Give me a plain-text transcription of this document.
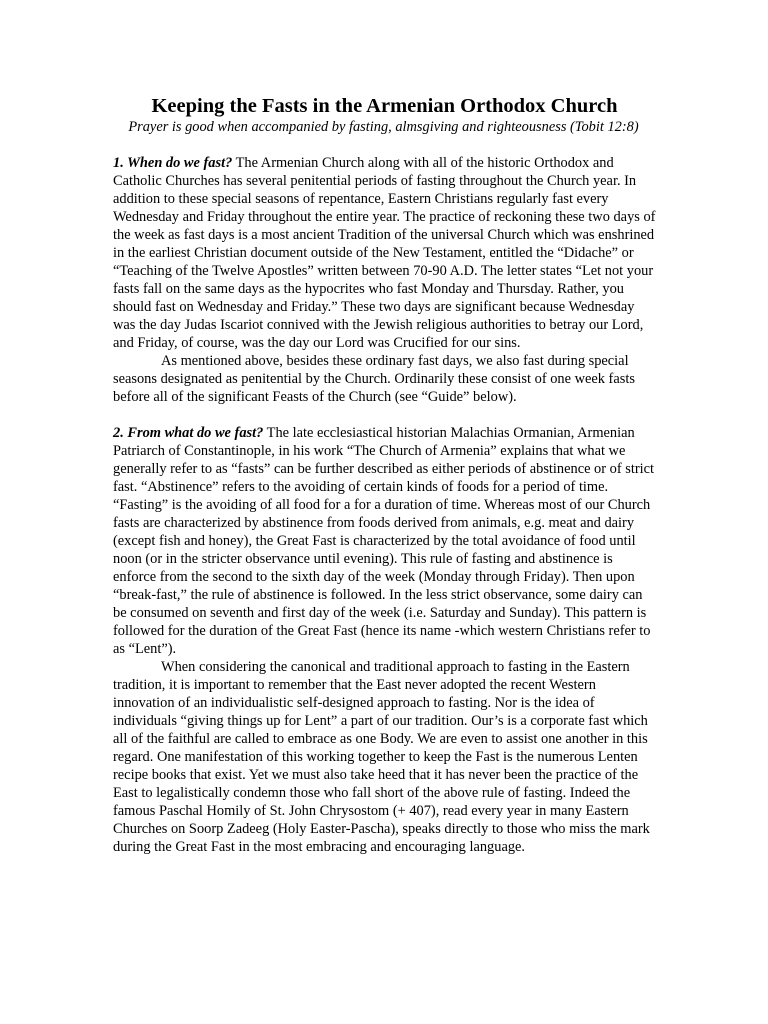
Keeping the Fasts in the Armenian Orthodox Church

Prayer is good when accompanied by fasting, almsgiving and righteousness (Tobit 12:8)

1. When do we fast? The Armenian Church along with all of the historic Orthodox and Catholic Churches has several penitential periods of fasting throughout the Church year. In addition to these special seasons of repentance, Eastern Christians regularly fast every Wednesday and Friday throughout the entire year. The practice of reckoning these two days of the week as fast days is a most ancient Tradition of the universal Church which was enshrined in the earliest Christian document outside of the New Testament, entitled the “Didache” or “Teaching of the Twelve Apostles” written between 70-90 A.D. The letter states “Let not your fasts fall on the same days as the hypocrites who fast Monday and Thursday. Rather, you should fast on Wednesday and Friday.” These two days are significant because Wednesday was the day Judas Iscariot connived with the Jewish religious authorities to betray our Lord, and Friday, of course, was the day our Lord was Crucified for our sins.

As mentioned above, besides these ordinary fast days, we also fast during special seasons designated as penitential by the Church. Ordinarily these consist of one week fasts before all of the significant Feasts of the Church (see “Guide” below).

2. From what do we fast? The late ecclesiastical historian Malachias Ormanian, Armenian Patriarch of Constantinople, in his work “The Church of Armenia” explains that what we generally refer to as “fasts” can be further described as either periods of abstinence or of strict fast. “Abstinence” refers to the avoiding of certain kinds of foods for a period of time. “Fasting” is the avoiding of all food for a for a duration of time. Whereas most of our Church fasts are characterized by abstinence from foods derived from animals, e.g. meat and dairy (except fish and honey), the Great Fast is characterized by the total avoidance of food until noon (or in the stricter observance until evening). This rule of fasting and abstinence is enforce from the second to the sixth day of the week (Monday through Friday). Then upon “break-fast,” the rule of abstinence is followed. In the less strict observance, some dairy can be consumed on seventh and first day of the week (i.e. Saturday and Sunday). This pattern is followed for the duration of the Great Fast (hence its name -which western Christians refer to as “Lent”).

When considering the canonical and traditional approach to fasting in the Eastern tradition, it is important to remember that the East never adopted the recent Western innovation of an individualistic self-designed approach to fasting. Nor is the idea of individuals “giving things up for Lent” a part of our tradition. Our’s is a corporate fast which all of the faithful are called to embrace as one Body. We are even to assist one another in this regard. One manifestation of this working together to keep the Fast is the numerous Lenten recipe books that exist. Yet we must also take heed that it has never been the practice of the East to legalistically condemn those who fall short of the above rule of fasting. Indeed the famous Paschal Homily of St. John Chrysostom (+ 407), read every year in many Eastern Churches on Soorp Zadeeg (Holy Easter-Pascha), speaks directly to those who miss the mark during the Great Fast in the most embracing and encouraging language.
